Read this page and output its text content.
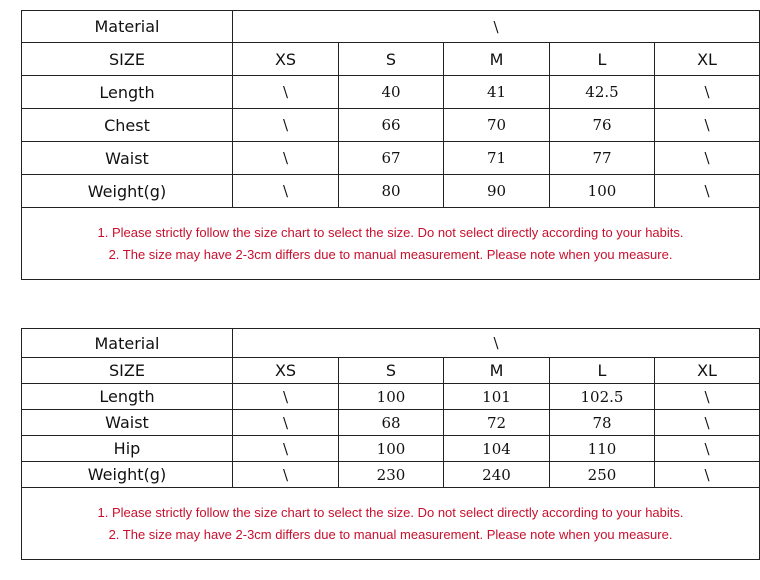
Material	\				
SIZE	XS	S	M	L	XL
Length	\	40	41	42.5	\
Chest	\	66	70	76	\
Waist	\	67	71	77	\
Weight(g)	\	80	90	100	\

1. Please strictly follow the size chart to select the size. Do not select directly according to your habits.
2. The size may have 2-3cm differs due to manual measurement. Please note when you measure.					
Material	\				
SIZE	XS	S	M	L	XL
Length	\	100	101	102.5	\
Waist	\	68	72	78	\
Hip	\	100	104	110	\
Weight(g)	\	230	240	250	\

1. Please strictly follow the size chart to select the size. Do not select directly according to your habits.
2. The size may have 2-3cm differs due to manual measurement. Please note when you measure.					
